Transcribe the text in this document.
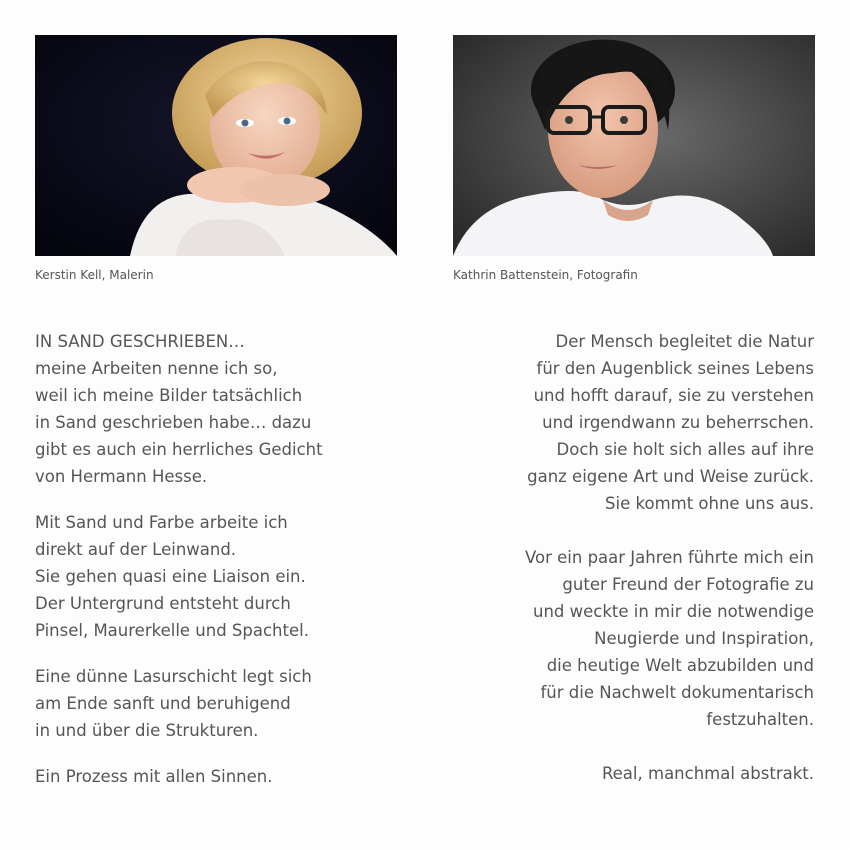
Kerstin Kell, Malerin	Kathrin Battenstein, Fotografin

IN SAND GESCHRIEBEN…
meine Arbeiten nenne ich so,
weil ich meine Bilder tatsächlich
in Sand geschrieben habe… dazu
gibt es auch ein herrliches Gedicht
von Hermann Hesse.

Mit Sand und Farbe arbeite ich
direkt auf der Leinwand.
Sie gehen quasi eine Liaison ein.
Der Untergrund entsteht durch
Pinsel, Maurerkelle und Spachtel.

Eine dünne Lasurschicht legt sich
am Ende sanft und beruhigend
in und über die Strukturen.

Ein Prozess mit allen Sinnen.

Der Mensch begleitet die Natur
für den Augenblick seines Lebens
und hofft darauf, sie zu verstehen
und irgendwann zu beherrschen.
Doch sie holt sich alles auf ihre
ganz eigene Art und Weise zurück.
Sie kommt ohne uns aus.

Vor ein paar Jahren führte mich ein
guter Freund der Fotografie zu
und weckte in mir die notwendige
Neugierde und Inspiration,
die heutige Welt abzubilden und
für die Nachwelt dokumentarisch
festzuhalten.

Real, manchmal abstrakt.
